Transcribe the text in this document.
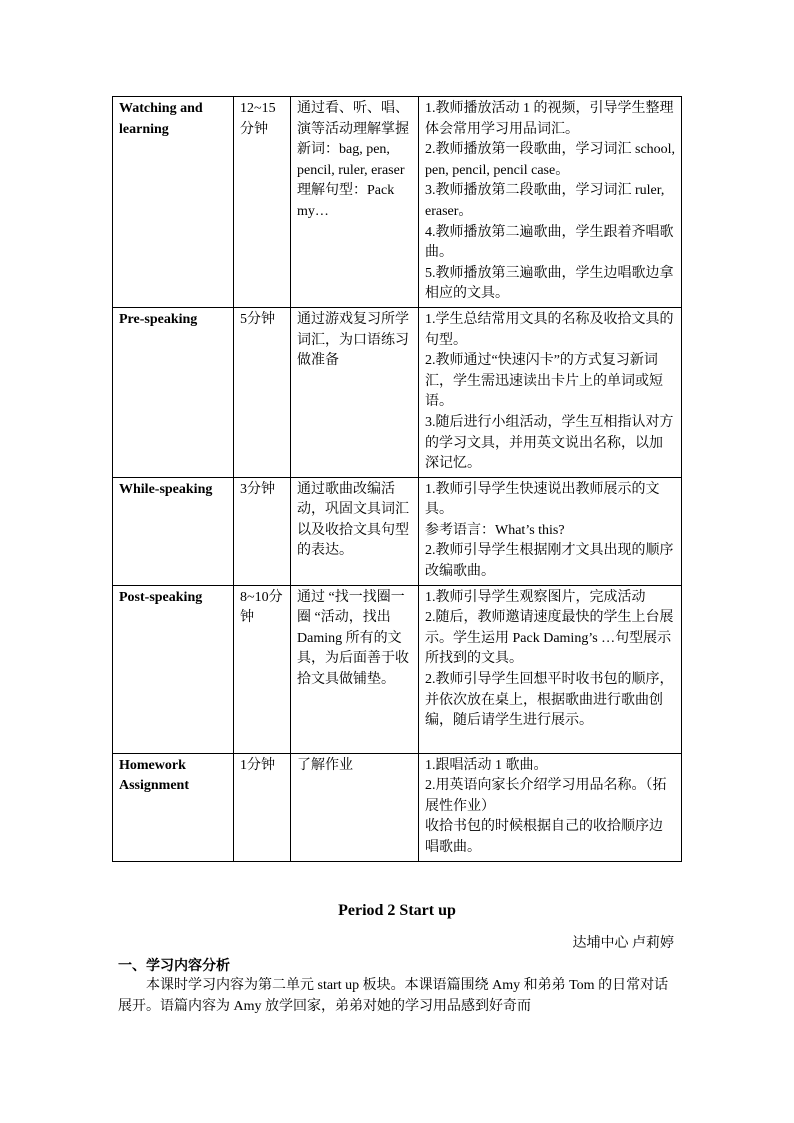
Watching and learning	12~15分钟	通过看、听、唱、演等活动理解掌握新词：bag, pen, pencil, ruler, eraser
理解句型：Pack my…	1.教师播放活动 1 的视频，引导学生整理体会常用学习用品词汇。
2.教师播放第一段歌曲，学习词汇 school, pen, pencil, pencil case。
3.教师播放第二段歌曲，学习词汇 ruler, eraser。
4.教师播放第二遍歌曲，学生跟着齐唱歌曲。
5.教师播放第三遍歌曲，学生边唱歌边拿相应的文具。

Pre-speaking	5分钟	通过游戏复习所学词汇，为口语练习做准备	1.学生总结常用文具的名称及收拾文具的句型。
2.教师通过“快速闪卡”的方式复习新词汇，学生需迅速读出卡片上的单词或短语。
3.随后进行小组活动，学生互相指认对方的学习文具，并用英文说出名称，以加深记忆。

While-speaking	3分钟	通过歌曲改编活动，巩固文具词汇以及收拾文具句型的表达。	1.教师引导学生快速说出教师展示的文具。
参考语言：What’s this?
2.教师引导学生根据刚才文具出现的顺序改编歌曲。

Post-speaking	8~10分钟	通过 “找一找圈一圈 “活动，找出 Daming 所有的文具，为后面善于收拾文具做铺垫。	1.教师引导学生观察图片，完成活动
2.随后，教师邀请速度最快的学生上台展示。学生运用 Pack Daming’s …句型展示所找到的文具。
2.教师引导学生回想平时收书包的顺序，并依次放在桌上，根据歌曲进行歌曲创编，随后请学生进行展示。

Homework Assignment	1分钟	了解作业	1.跟唱活动 1 歌曲。
2.用英语向家长介绍学习用品名称。（拓展性作业）
收拾书包的时候根据自己的收拾顺序边唱歌曲。
Period 2 Start up
达埔中心 卢莉婷
一、学习内容分析
本课时学习内容为第二单元 start up 板块。本课语篇围绕 Amy 和弟弟 Tom 的日常对话展开。语篇内容为 Amy 放学回家，弟弟对她的学习用品感到好奇而
